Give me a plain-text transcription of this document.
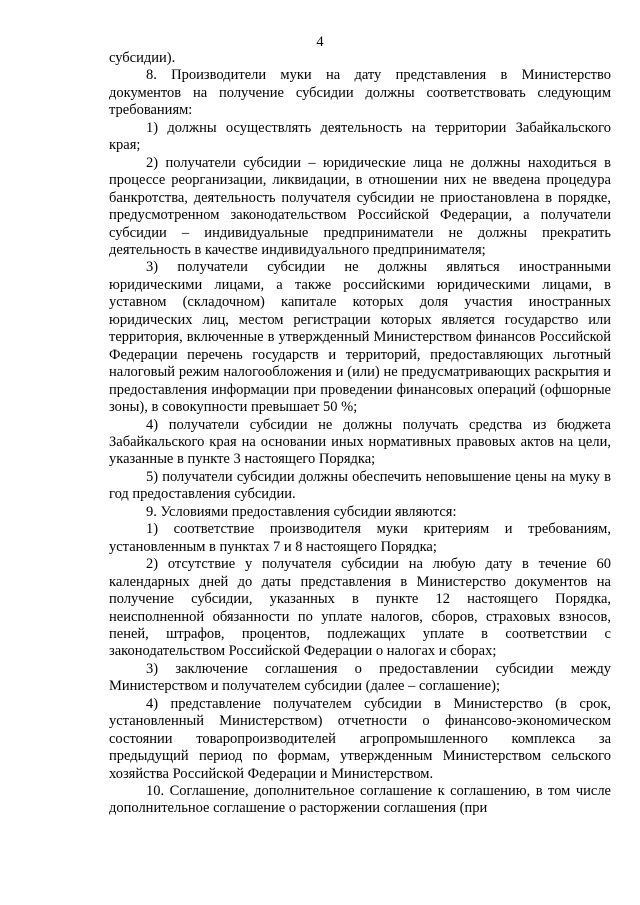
4

субсидии).

8. Производители муки на дату представления в Министерство документов на получение субсидии должны соответствовать следующим требованиям:

1) должны осуществлять деятельность на территории Забайкальского края;

2) получатели субсидии – юридические лица не должны находиться в процессе реорганизации, ликвидации, в отношении них не введена процедура банкротства, деятельность получателя субсидии не приостановлена в порядке, предусмотренном законодательством Российской Федерации, а получатели субсидии – индивидуальные предприниматели не должны прекратить деятельность в качестве индивидуального предпринимателя;

3) получатели субсидии не должны являться иностранными юридическими лицами, а также российскими юридическими лицами, в уставном (складочном) капитале которых доля участия иностранных юридических лиц, местом регистрации которых является государство или территория, включенные в утвержденный Министерством финансов Российской Федерации перечень государств и территорий, предоставляющих льготный налоговый режим налогообложения и (или) не предусматривающих раскрытия и предоставления информации при проведении финансовых операций (офшорные зоны), в совокупности превышает 50 %;

4) получатели субсидии не должны получать средства из бюджета Забайкальского края на основании иных нормативных правовых актов на цели, указанные в пункте 3 настоящего Порядка;

5) получатели субсидии должны обеспечить неповышение цены на муку в год предоставления субсидии.

9. Условиями предоставления субсидии являются:

1) соответствие производителя муки критериям и требованиям, установленным в пунктах 7 и 8 настоящего Порядка;

2) отсутствие у получателя субсидии на любую дату в течение 60 календарных дней до даты представления в Министерство документов на получение субсидии, указанных в пункте 12 настоящего Порядка, неисполненной обязанности по уплате налогов, сборов, страховых взносов, пеней, штрафов, процентов, подлежащих уплате в соответствии с законодательством Российской Федерации о налогах и сборах;

3) заключение соглашения о предоставлении субсидии между Министерством и получателем субсидии (далее – соглашение);

4) представление получателем субсидии в Министерство (в срок, установленный Министерством) отчетности о финансово-экономическом состоянии товаропроизводителей агропромышленного комплекса за предыдущий период по формам, утвержденным Министерством сельского хозяйства Российской Федерации и Министерством.

10. Соглашение, дополнительное соглашение к соглашению, в том числе дополнительное соглашение о расторжении соглашения (при
